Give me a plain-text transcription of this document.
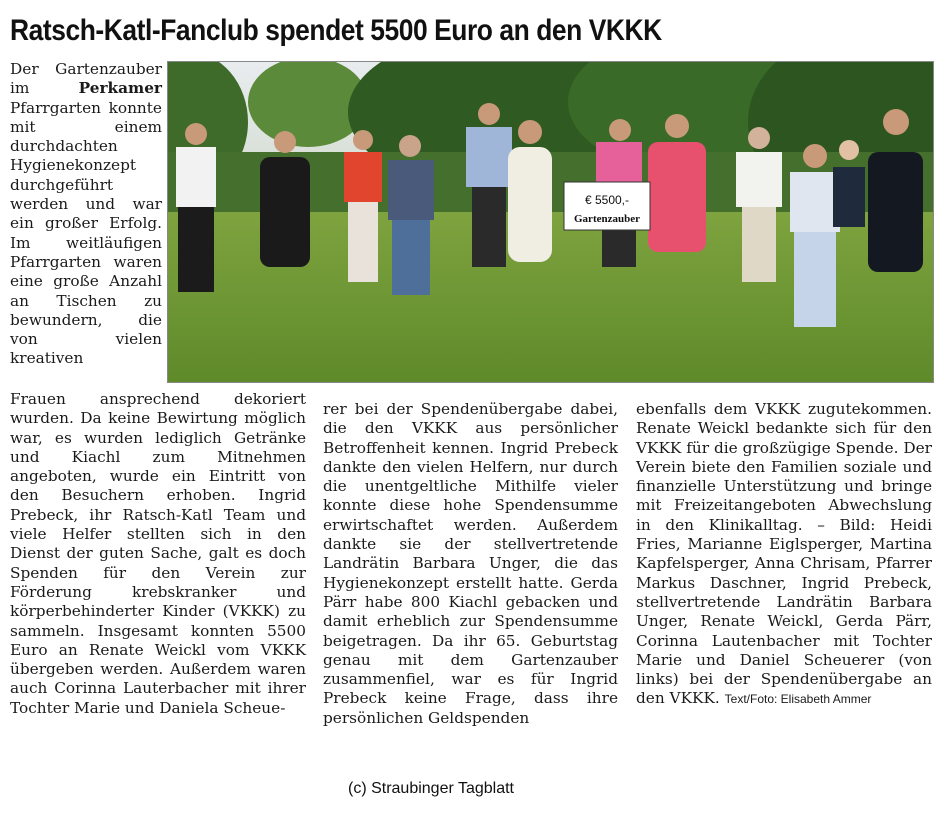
Ratsch-Katl-Fanclub spendet 5500 Euro an den VKKK
Der Gartenzauber im Perkamer Pfarrgarten konnte mit einem durchdachten Hygienekonzept durchgeführt werden und war ein großer Erfolg. Im weitläufigen Pfarrgarten waren eine große Anzahl an Tischen zu bewundern, die von vielen kreativen
€ 5500,-
Gartenzauber
Frauen ansprechend dekoriert wurden. Da keine Bewirtung möglich war, es wurden lediglich Getränke und Kiachl zum Mitnehmen angeboten, wurde ein Eintritt von den Besuchern erhoben. Ingrid Prebeck, ihr Ratsch-Katl Team und viele Helfer stellten sich in den Dienst der guten Sache, galt es doch Spenden für den Verein zur Förderung krebskranker und körperbehinderter Kinder (VKKK) zu sammeln. Insgesamt konnten 5500 Euro an Renate Weickl vom VKKK übergeben werden. Außerdem waren auch Corinna Lauterbacher mit ihrer Tochter Marie und Daniela Scheue-
rer bei der Spendenübergabe dabei, die den VKKK aus persönlicher Betroffenheit kennen. Ingrid Prebeck dankte den vielen Helfern, nur durch die unentgeltliche Mithilfe vieler konnte diese hohe Spendensumme erwirtschaftet werden. Außerdem dankte sie der stellvertretende Landrätin Barbara Unger, die das Hygienekonzept erstellt hatte. Gerda Pärr habe 800 Kiachl gebacken und damit erheblich zur Spendensumme beigetragen. Da ihr 65. Geburtstag genau mit dem Gartenzauber zusammenfiel, war es für Ingrid Prebeck keine Frage, dass ihre persönlichen Geldspenden
ebenfalls dem VKKK zugutekommen. Renate Weickl bedankte sich für den VKKK für die großzügige Spende. Der Verein biete den Familien soziale und finanzielle Unterstützung und bringe mit Freizeitangeboten Abwechslung in den Klinikalltag. – Bild: Heidi Fries, Marianne Eiglsperger, Martina Kapfelsperger, Anna Chrisam, Pfarrer Markus Daschner, Ingrid Prebeck, stellvertretende Landrätin Barbara Unger, Renate Weickl, Gerda Pärr, Corinna Lautenbacher mit Tochter Marie und Daniel Scheuerer (von links) bei der Spendenübergabe an den VKKK. Text/Foto: Elisabeth Ammer
(c) Straubinger Tagblatt
